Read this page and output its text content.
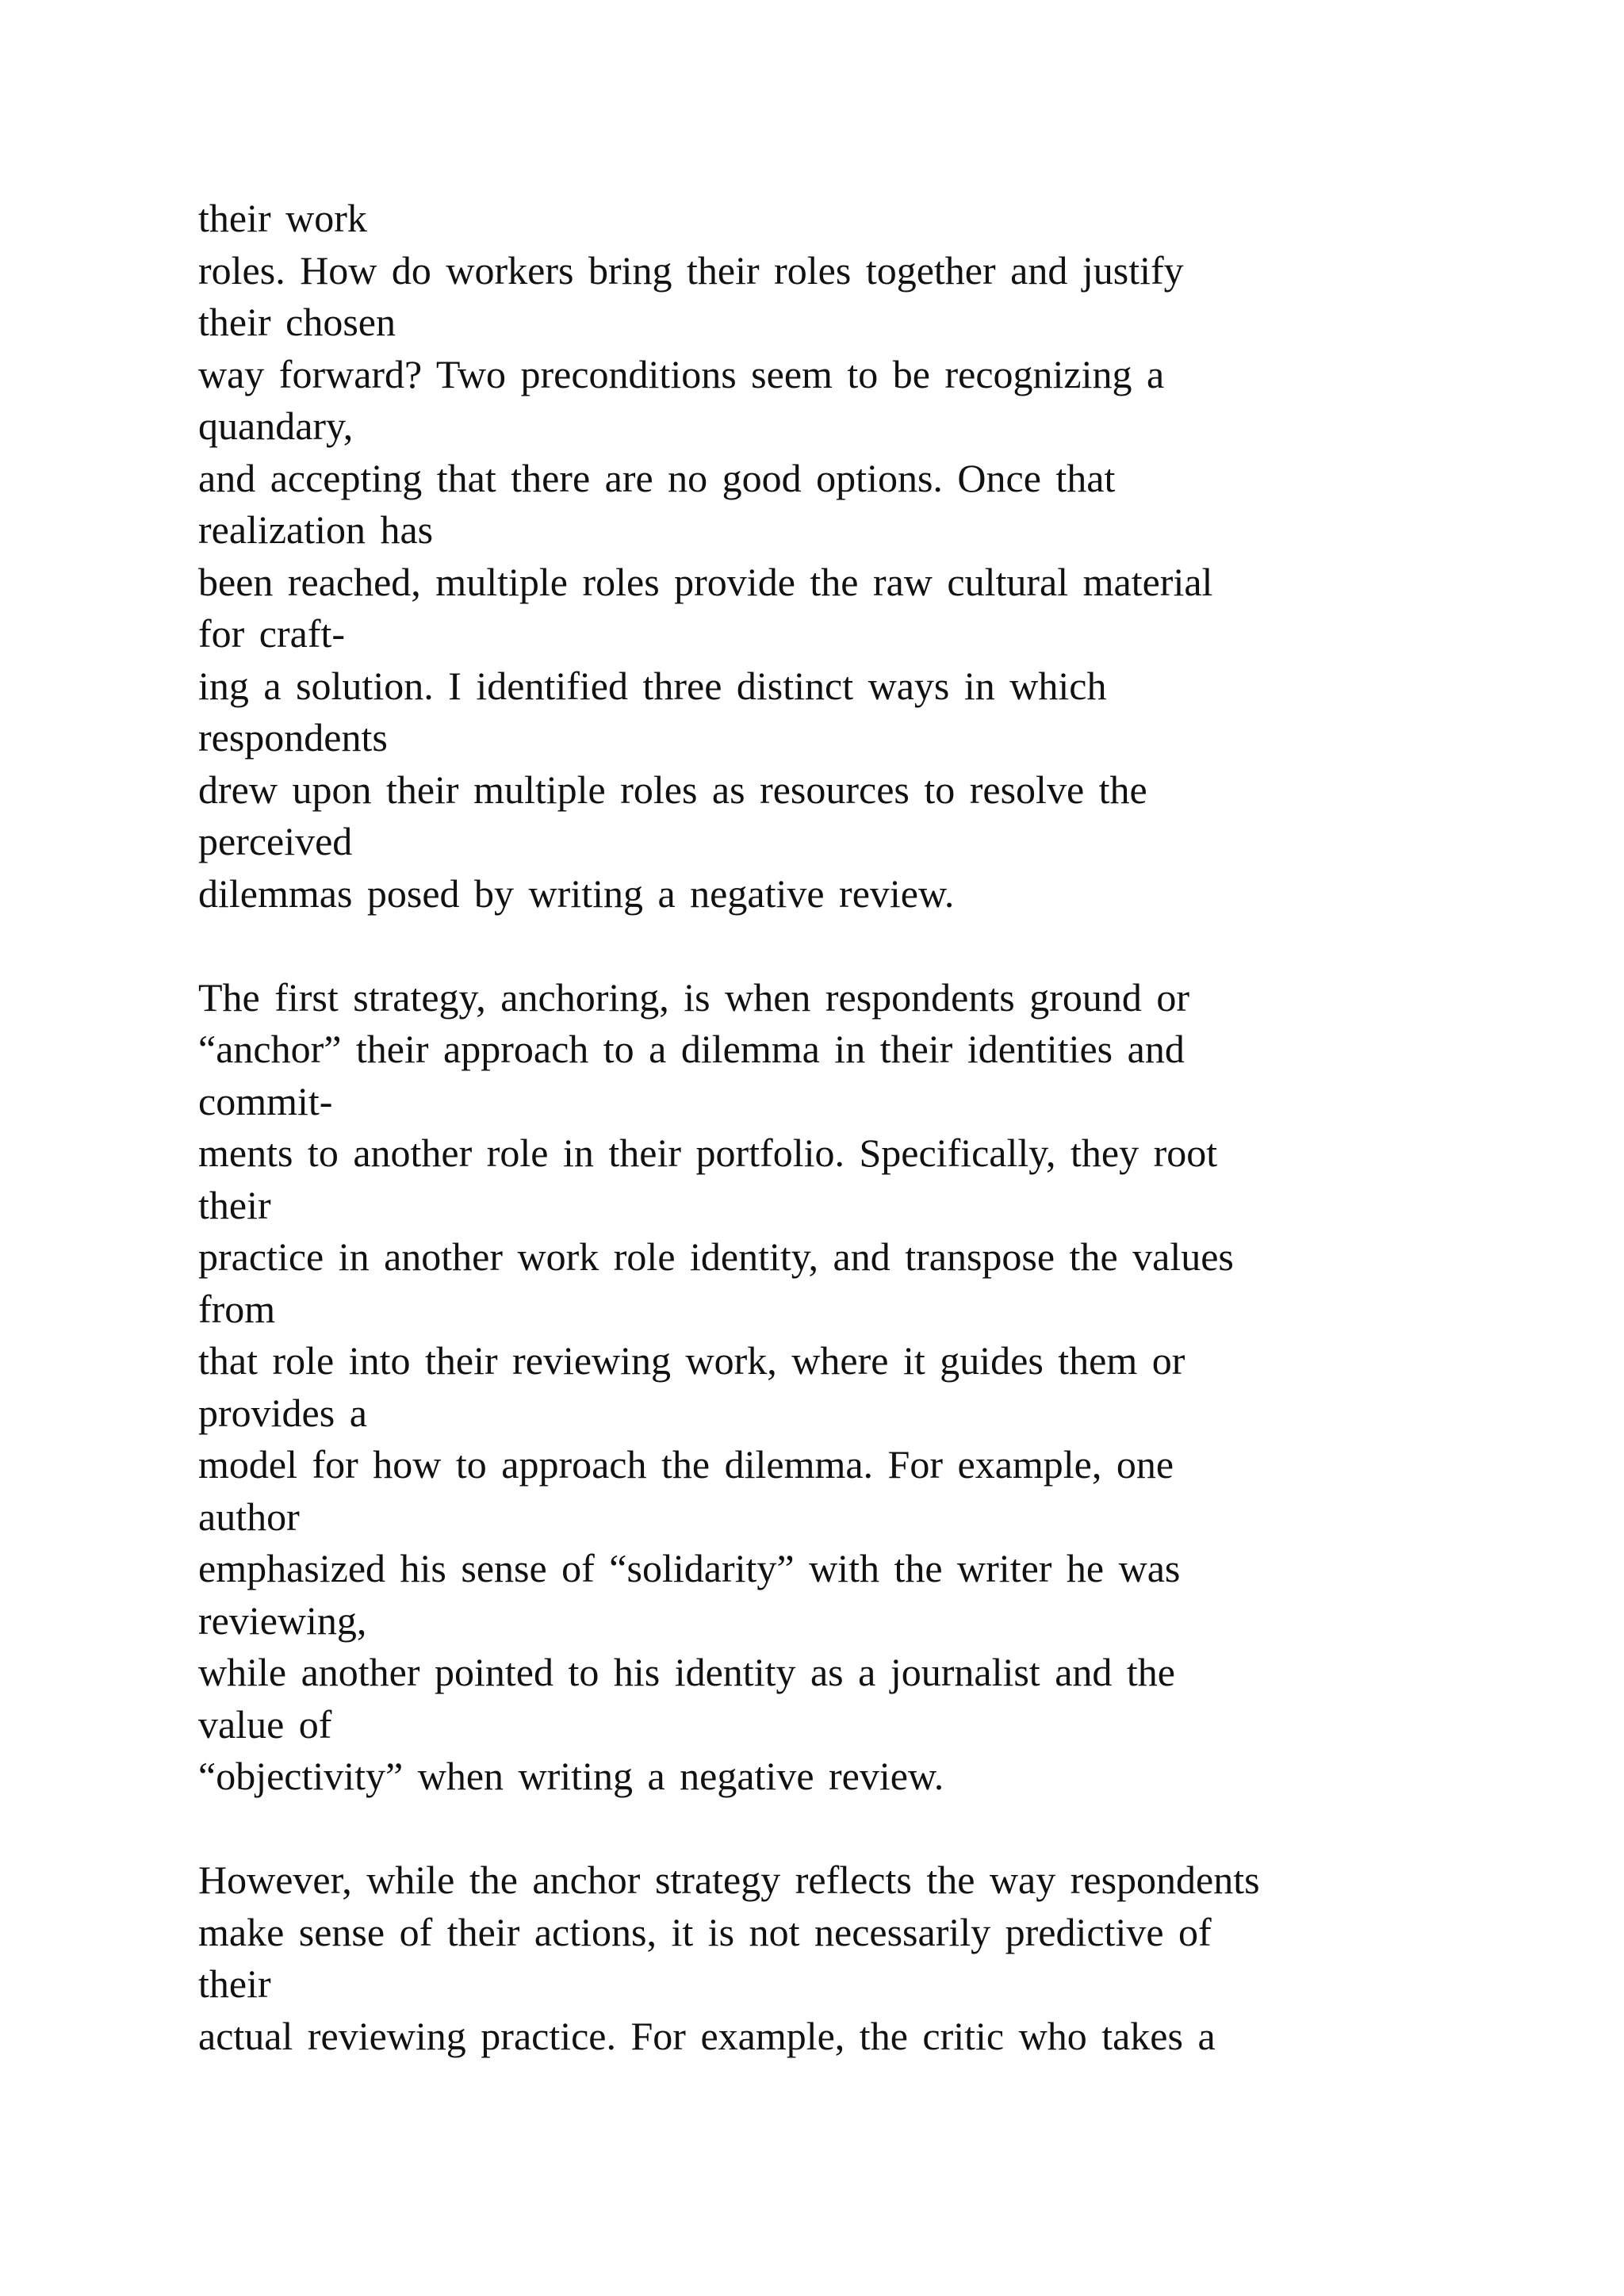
their work
roles. How do workers bring their roles together and justify
their chosen
way forward? Two preconditions seem to be recognizing a
quandary,
and accepting that there are no good options. Once that
realization has
been reached, multiple roles provide the raw cultural material
for craft-
ing a solution. I identified three distinct ways in which
respondents
drew upon their multiple roles as resources to resolve the
perceived
dilemmas posed by writing a negative review.
The first strategy, anchoring, is when respondents ground or
“anchor” their approach to a dilemma in their identities and
commit-
ments to another role in their portfolio. Specifically, they root
their
practice in another work role identity, and transpose the values
from
that role into their reviewing work, where it guides them or
provides a
model for how to approach the dilemma. For example, one
author
emphasized his sense of “solidarity” with the writer he was
reviewing,
while another pointed to his identity as a journalist and the
value of
“objectivity” when writing a negative review.
However, while the anchor strategy reflects the way respondents
make sense of their actions, it is not necessarily predictive of
their
actual reviewing practice. For example, the critic who takes a
